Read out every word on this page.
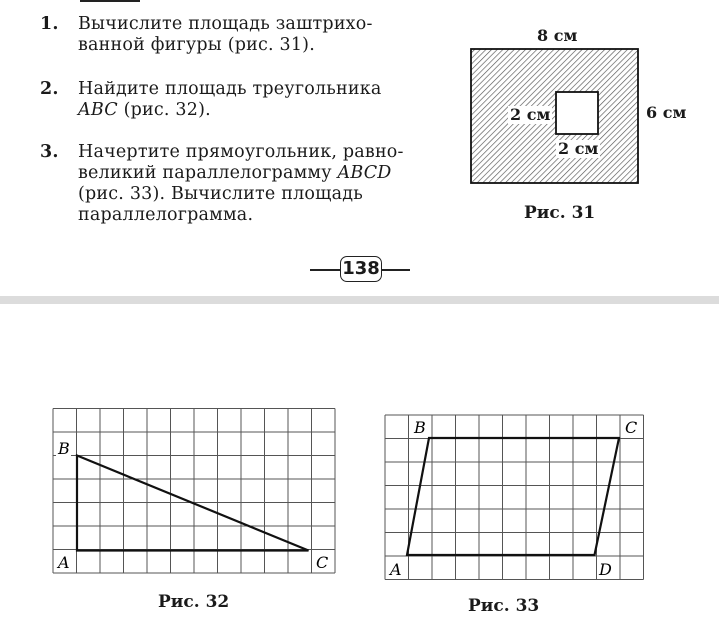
1. Вычислите площадь заштрихо-
ванной фигуры (рис. 31).
2. Найдите площадь треугольника
ABC (рис. 32).
3. Начертите прямоугольник, равно-
великий параллелограмму ABCD
(рис. 33). Вычислите площадь
параллелограмма.
8 см
6 см
2 см
2 см
Рис. 31
138
B
A	C
Рис. 32
B	C
A	D
Рис. 33
